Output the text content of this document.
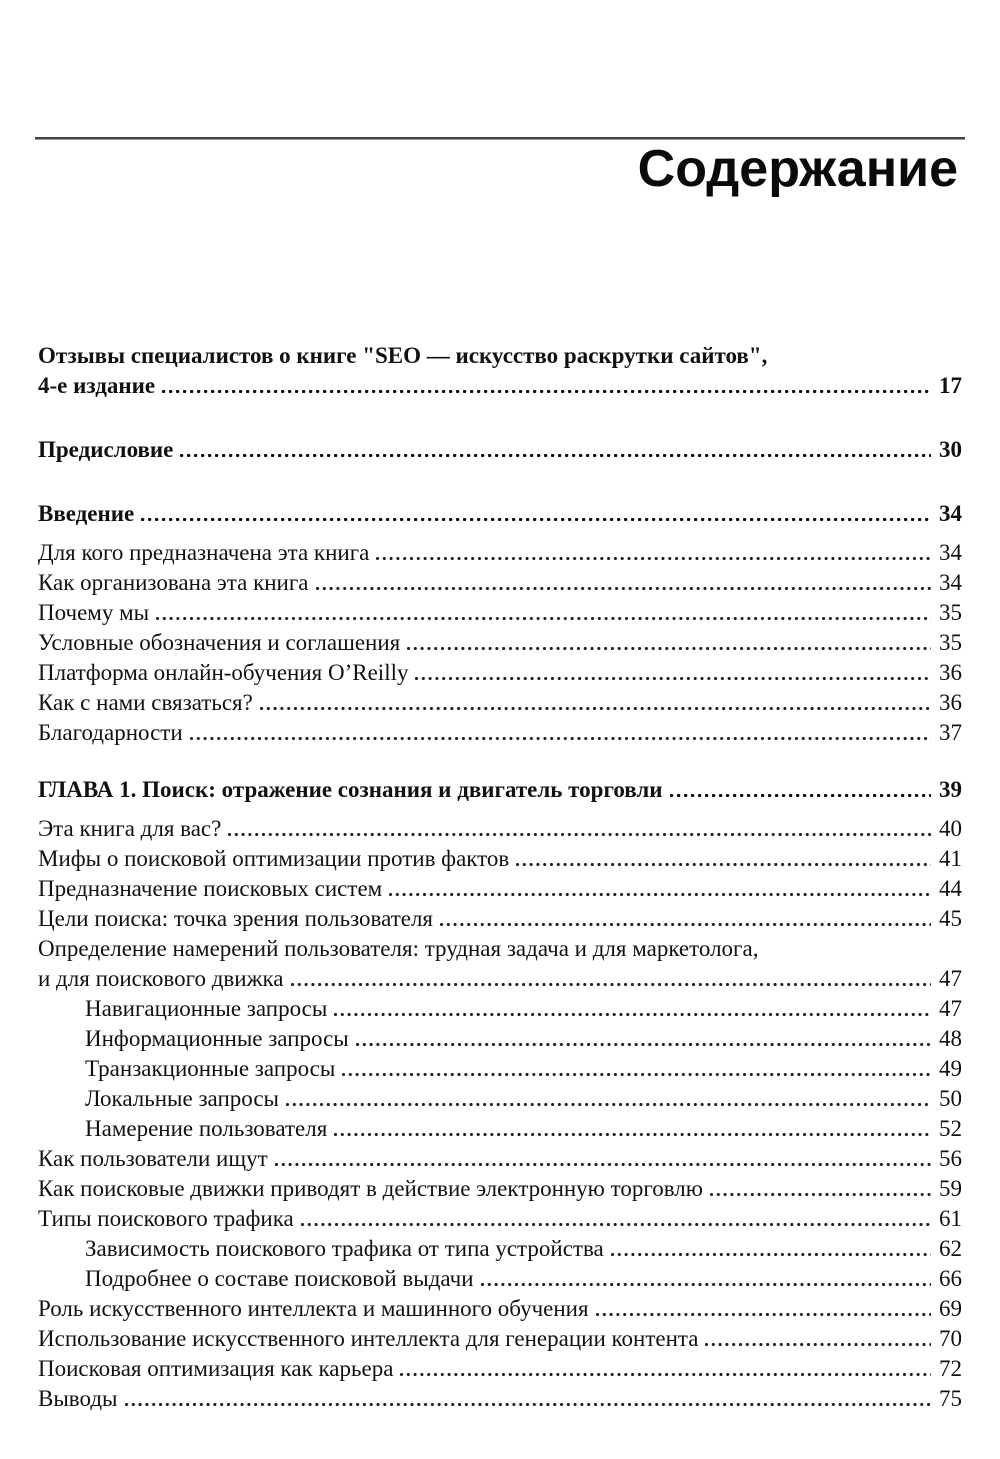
Содержание
Отзывы специалистов о книге "SEO — искусство раскрутки сайтов",
4-е издание	17
Предисловие	30
Введение	34
Для кого предназначена эта книга	34
Как организована эта книга	34
Почему мы	35
Условные обозначения и соглашения	35
Платформа онлайн-обучения O’Reilly	36
Как с нами связаться?	36
Благодарности	37
ГЛАВА 1. Поиск: отражение сознания и двигатель торговли	39
Эта книга для вас?	40
Мифы о поисковой оптимизации против фактов	41
Предназначение поисковых систем	44
Цели поиска: точка зрения пользователя	45
Определение намерений пользователя: трудная задача и для маркетолога,
и для поискового движка	47
Навигационные запросы	47
Информационные запросы	48
Транзакционные запросы	49
Локальные запросы	50
Намерение пользователя	52
Как пользователи ищут	56
Как поисковые движки приводят в действие электронную торговлю	59
Типы поискового трафика	61
Зависимость поискового трафика от типа устройства	62
Подробнее о составе поисковой выдачи	66
Роль искусственного интеллекта и машинного обучения	69
Использование искусственного интеллекта для генерации контента	70
Поисковая оптимизация как карьера	72
Выводы	75
